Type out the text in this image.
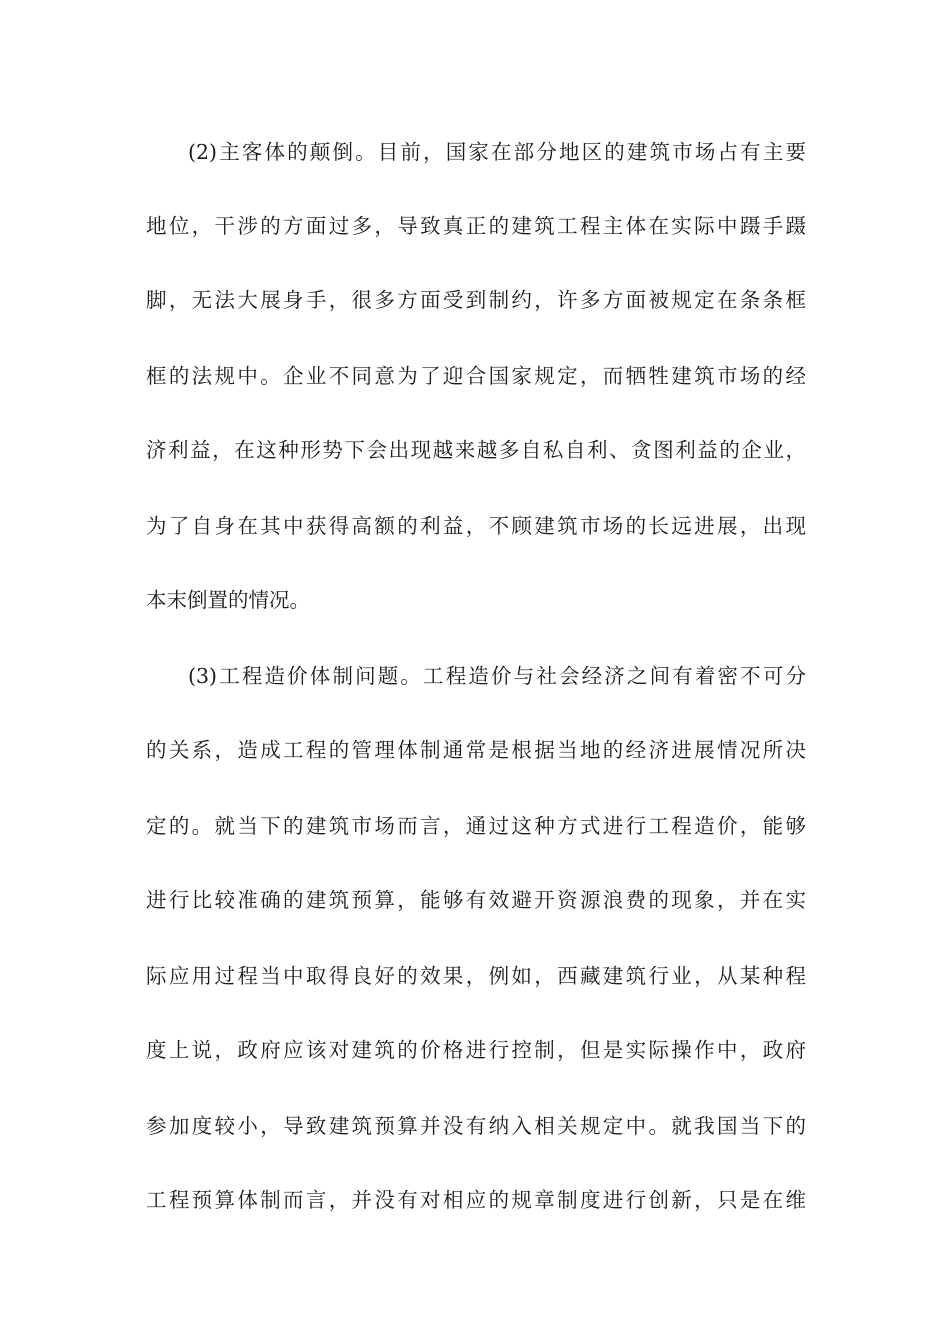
(2)主客体的颠倒。目前，国家在部分地区的建筑市场占有主要
地位，干涉的方面过多，导致真正的建筑工程主体在实际中蹑手蹑
脚，无法大展身手，很多方面受到制约，许多方面被规定在条条框
框的法规中。企业不同意为了迎合国家规定，而牺牲建筑市场的经
济利益，在这种形势下会出现越来越多自私自利、贪图利益的企业，
为了自身在其中获得高额的利益，不顾建筑市场的长远进展，出现
本末倒置的情况。
(3)工程造价体制问题。工程造价与社会经济之间有着密不可分
的关系，造成工程的管理体制通常是根据当地的经济进展情况所决
定的。就当下的建筑市场而言，通过这种方式进行工程造价，能够
进行比较准确的建筑预算，能够有效避开资源浪费的现象，并在实
际应用过程当中取得良好的效果，例如，西藏建筑行业，从某种程
度上说，政府应该对建筑的价格进行控制，但是实际操作中，政府
参加度较小，导致建筑预算并没有纳入相关规定中。就我国当下的
工程预算体制而言，并没有对相应的规章制度进行创新，只是在维
